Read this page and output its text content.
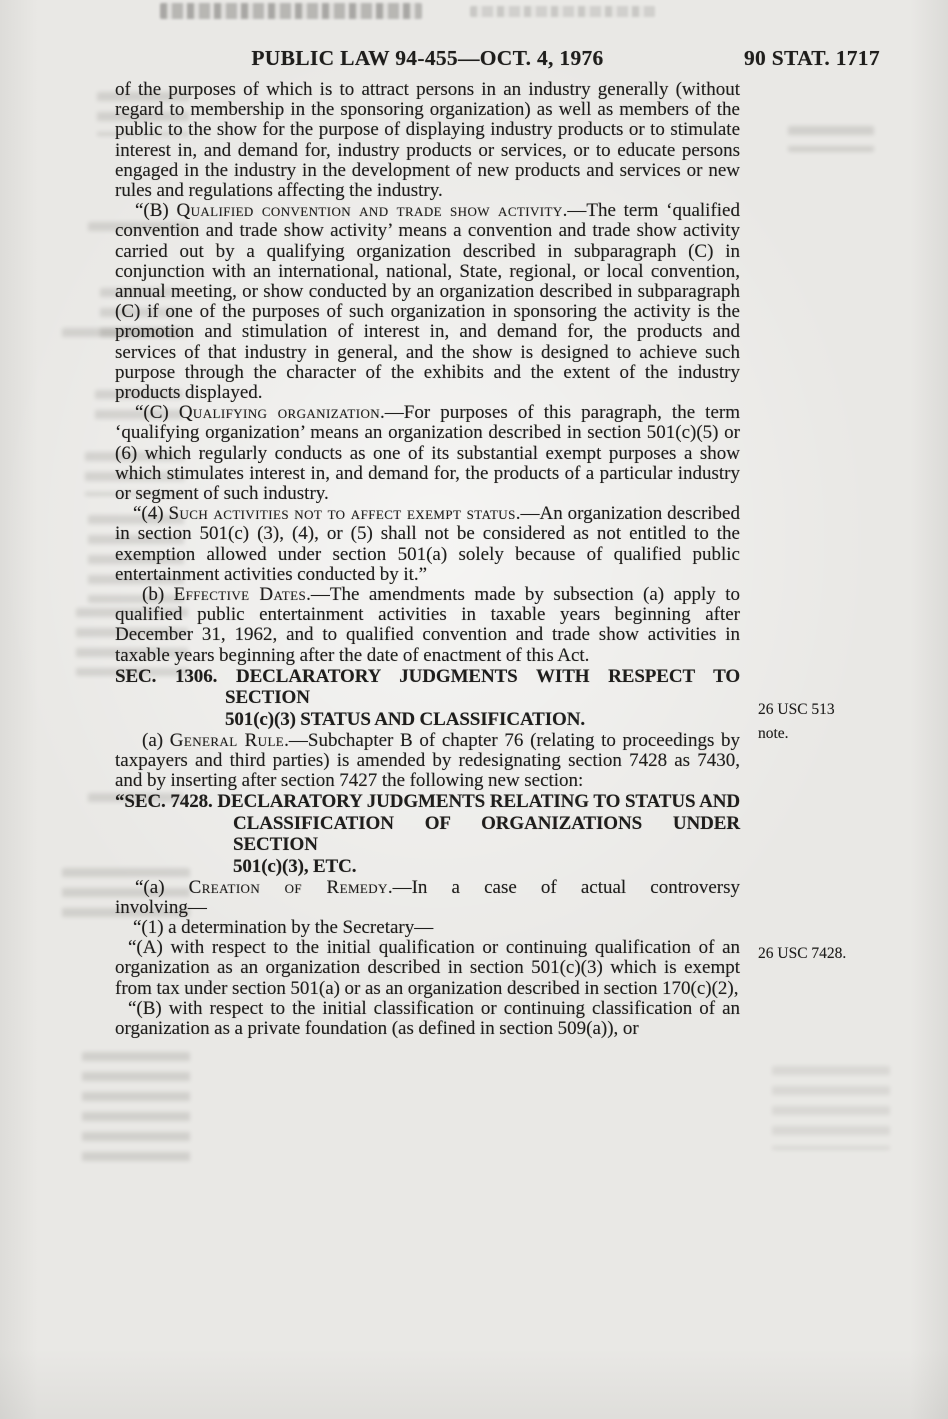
PUBLIC LAW 94-455—OCT. 4, 1976	90 STAT. 1717

of the purposes of which is to attract persons in an industry generally (without regard to membership in the sponsoring organization) as well as members of the public to the show for the purpose of displaying industry products or to stimulate interest in, and demand for, industry products or services, or to educate persons engaged in the industry in the development of new products and services or new rules and regulations affecting the industry.

“(B) Qualified convention and trade show activity.—The term ‘qualified convention and trade show activity’ means a convention and trade show activity carried out by a qualifying organization described in subparagraph (C) in conjunction with an international, national, State, regional, or local convention, annual meeting, or show conducted by an organization described in subparagraph (C) if one of the purposes of such organization in sponsoring the activity is the promotion and stimulation of interest in, and demand for, the products and services of that industry in general, and the show is designed to achieve such purpose through the character of the exhibits and the extent of the industry products displayed.

“(C) Qualifying organization.—For purposes of this paragraph, the term ‘qualifying organization’ means an organization described in section 501(c)(5) or (6) which regularly conducts as one of its substantial exempt purposes a show which stimulates interest in, and demand for, the products of a particular industry or segment of such industry.

“(4) Such activities not to affect exempt status.—An organization described in section 501(c) (3), (4), or (5) shall not be considered as not entitled to the exemption allowed under section 501(a) solely because of qualified public entertainment activities conducted by it.”

(b) Effective Dates.—The amendments made by subsection (a) apply to qualified public entertainment activities in taxable years beginning after December 31, 1962, and to qualified convention and trade show activities in taxable years beginning after the date of enactment of this Act.

SEC. 1306. DECLARATORY JUDGMENTS WITH RESPECT TO SECTION
501(c)(3) STATUS AND CLASSIFICATION.

(a) General Rule.—Subchapter B of chapter 76 (relating to proceedings by taxpayers and third parties) is amended by redesignating section 7428 as 7430, and by inserting after section 7427 the following new section:

“SEC. 7428. DECLARATORY JUDGMENTS RELATING TO STATUS AND
CLASSIFICATION OF ORGANIZATIONS UNDER SECTION
501(c)(3), ETC.

“(a) Creation of Remedy.—In a case of actual controversy
involving—

“(1) a determination by the Secretary—

“(A) with respect to the initial qualification or continuing qualification of an organization as an organization described in section 501(c)(3) which is exempt from tax under section 501(a) or as an organization described in section 170(c)(2),

“(B) with respect to the initial classification or continuing classification of an organization as a private foundation (as defined in section 509(a)), or

26 USC 513
note.
26 USC 7428.
